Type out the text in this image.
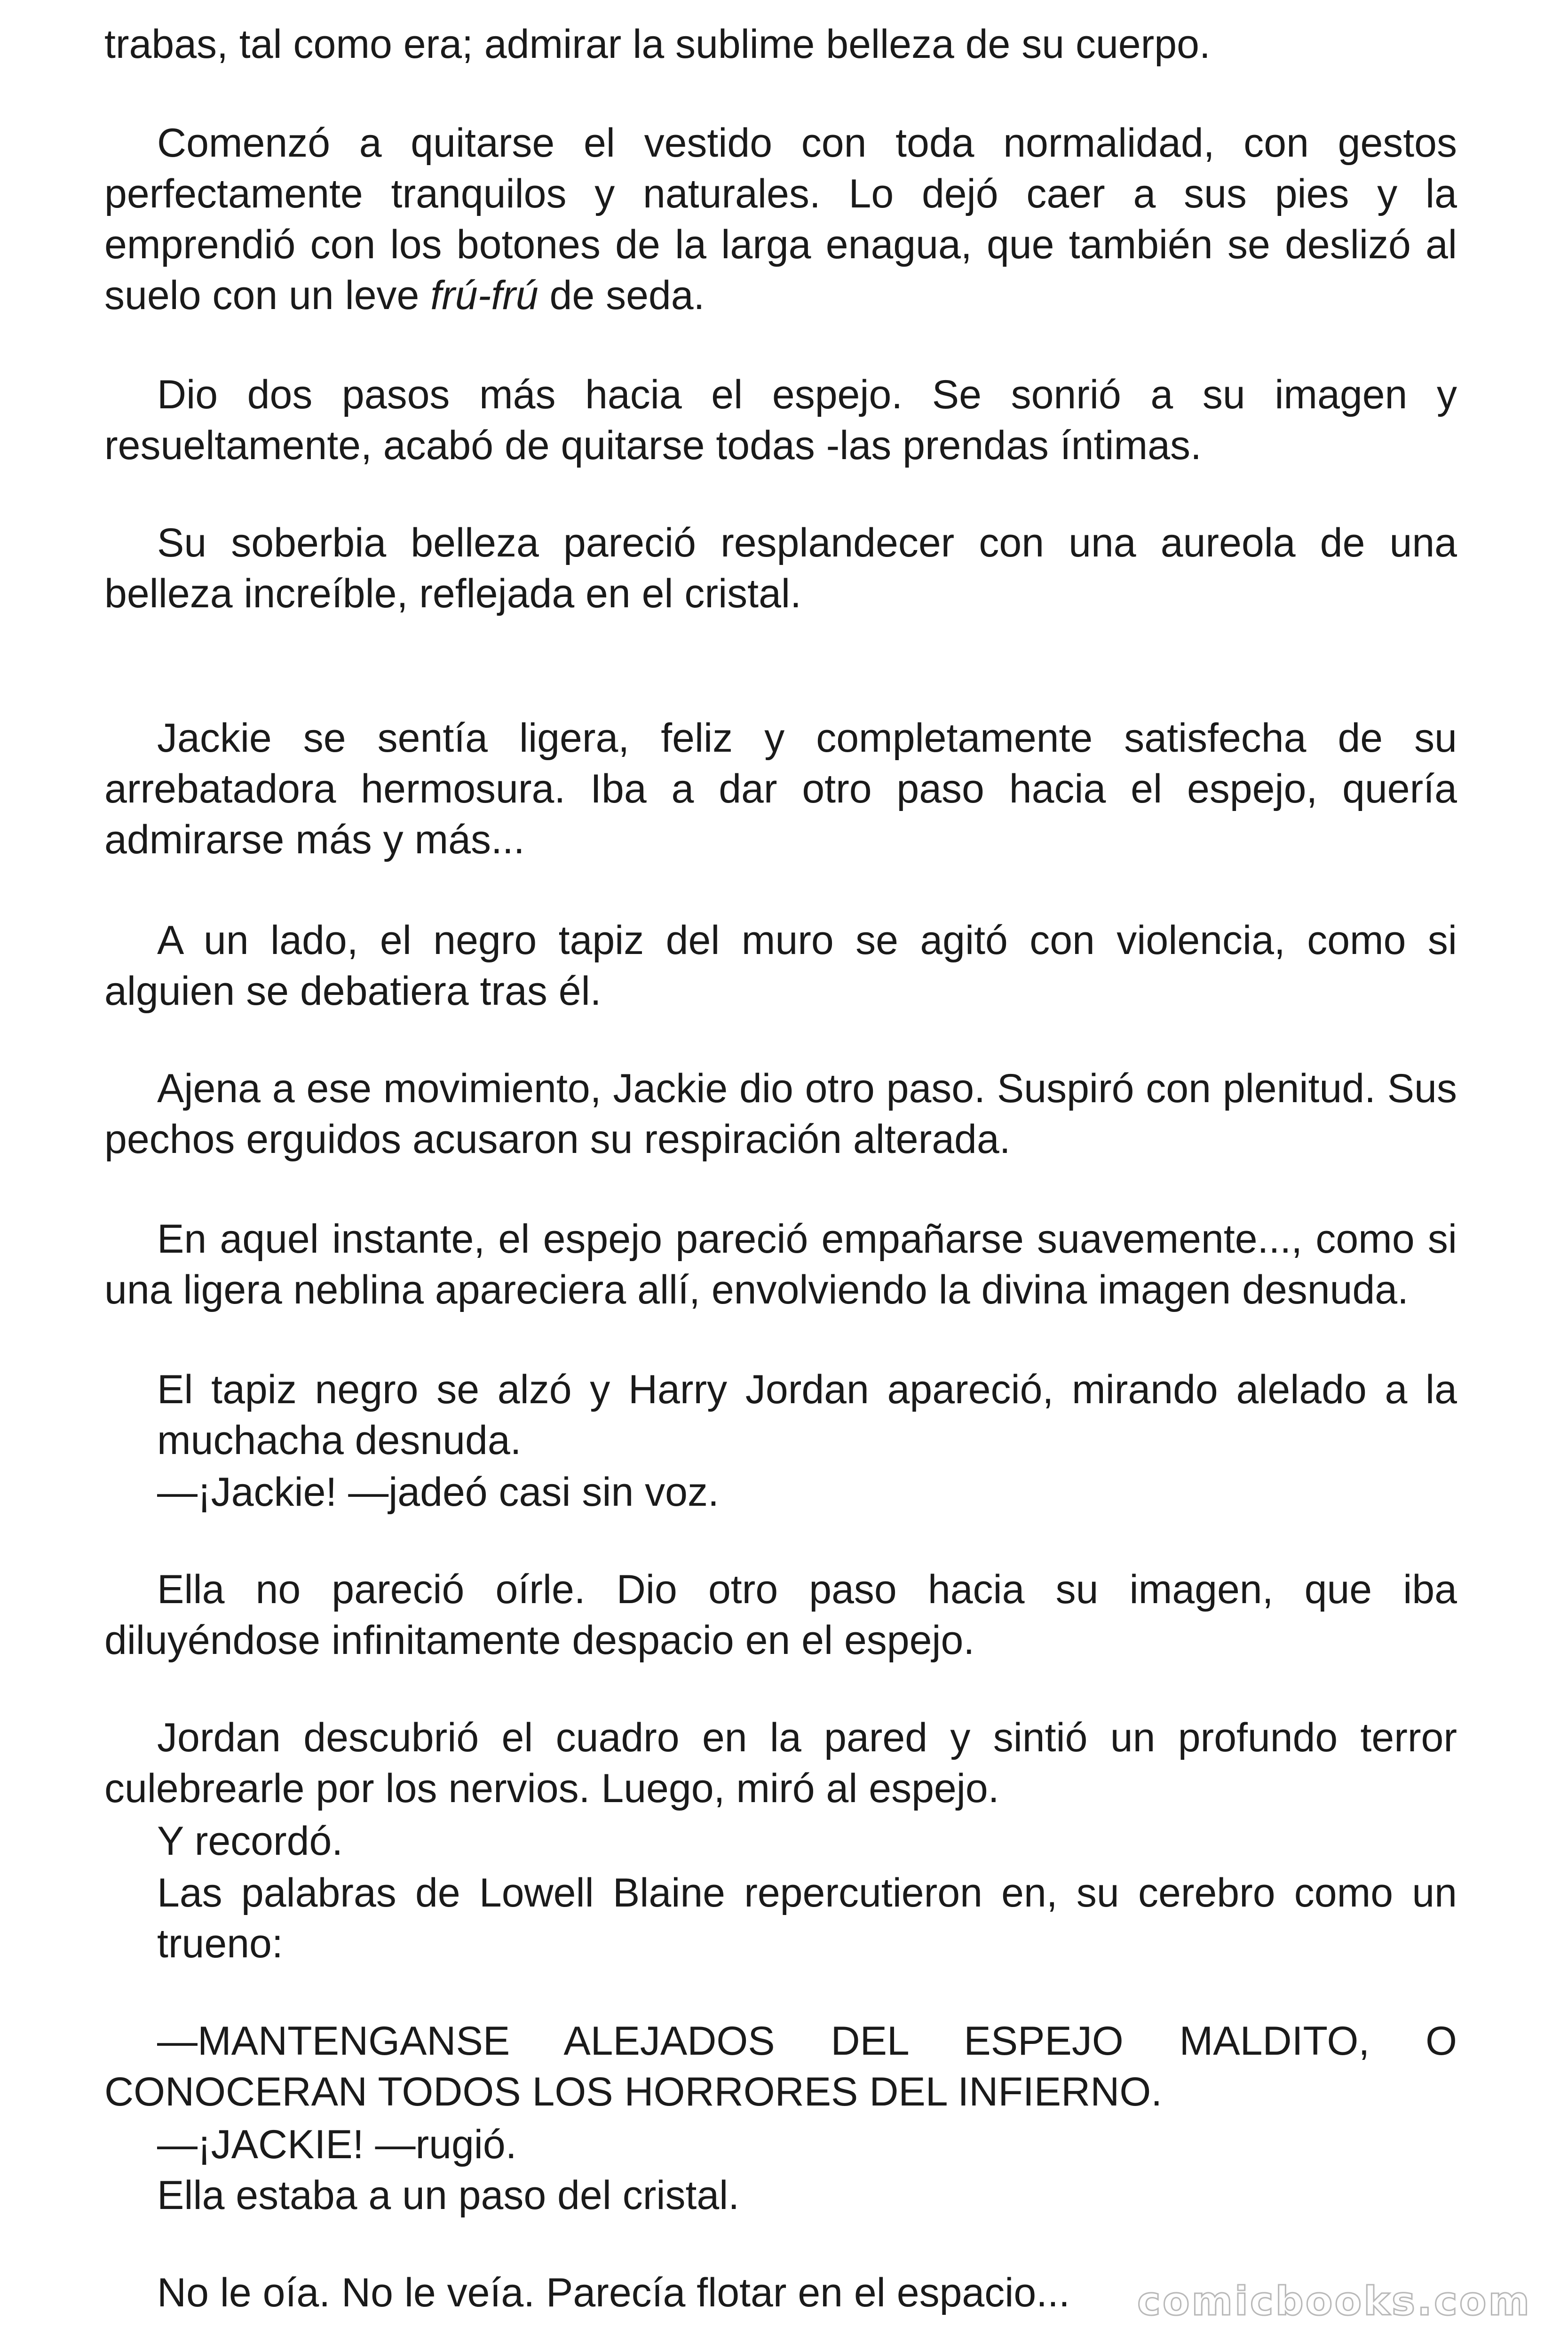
trabas, tal como era; admirar la sublime belleza de su cuerpo.

Comenzó a quitarse el vestido con toda normalidad, con gestos perfectamente tranquilos y naturales. Lo dejó caer a sus pies y la emprendió con los botones de la larga enagua, que también se deslizó al suelo con un leve frú-frú de seda.

Dio dos pasos más hacia el espejo. Se sonrió a su imagen y resueltamente, acabó de quitarse todas -las prendas íntimas.

Su soberbia belleza pareció resplandecer con una aureola de una belleza increíble, reflejada en el cristal.

Jackie se sentía ligera, feliz y completamente satisfecha de su arrebatadora hermosura. Iba a dar otro paso hacia el espejo, quería admirarse más y más...

A un lado, el negro tapiz del muro se agitó con violencia, como si alguien se debatiera tras él.

Ajena a ese movimiento, Jackie dio otro paso. Suspiró con plenitud. Sus pechos erguidos acusaron su respiración alterada.

En aquel instante, el espejo pareció empañarse suavemente..., como si una ligera neblina apareciera allí, envolviendo la divina imagen desnuda.

El tapiz negro se alzó y Harry Jordan apareció, mirando alelado a la muchacha desnuda.

—¡Jackie! —jadeó casi sin voz.

Ella no pareció oírle. Dio otro paso hacia su imagen, que iba diluyéndose infinitamente despacio en el espejo.

Jordan descubrió el cuadro en la pared y sintió un profundo terror culebrearle por los nervios. Luego, miró al espejo.

Y recordó.

Las palabras de Lowell Blaine repercutieron en, su cerebro como un trueno:

—MANTENGANSE ALEJADOS DEL ESPEJO MALDITO, O CONOCERAN TODOS LOS HORRORES DEL INFIERNO.

—¡JACKIE! —rugió.

Ella estaba a un paso del cristal.

No le oía. No le veía. Parecía flotar en el espacio...	comicbooks.com
